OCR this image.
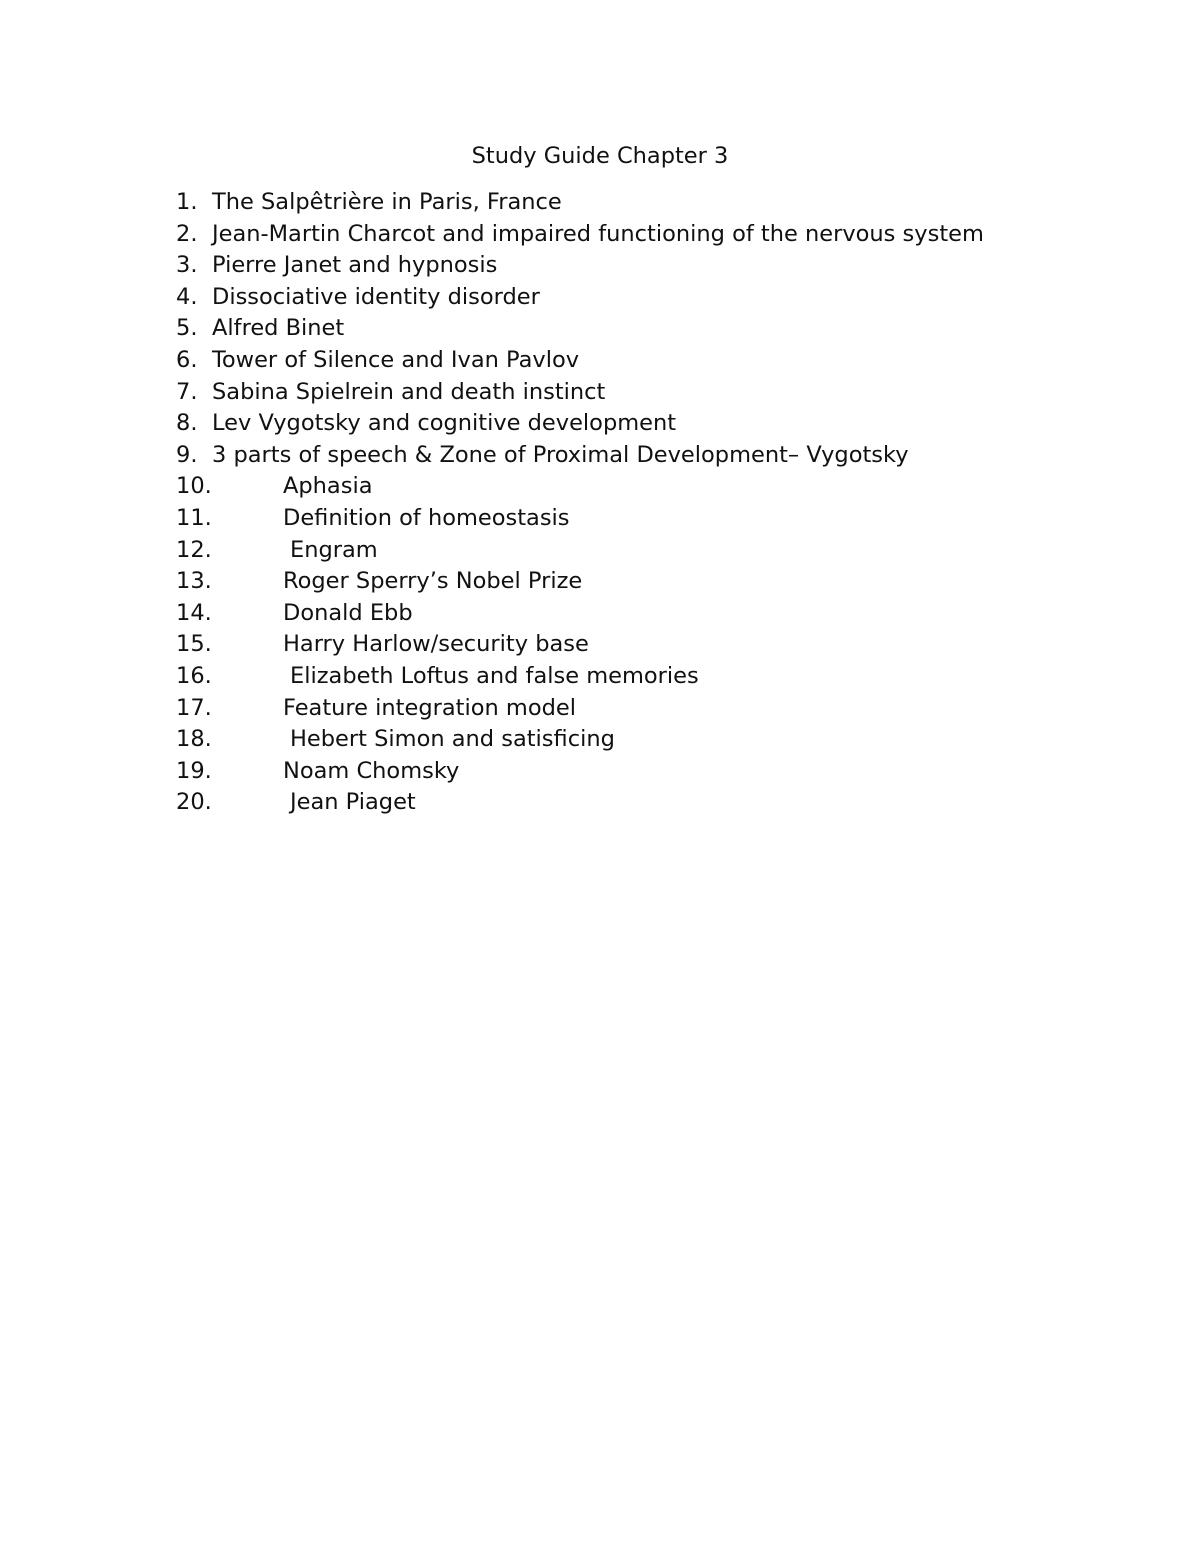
Study Guide Chapter 3
1. The Salpêtrière in Paris, France
2. Jean-Martin Charcot and impaired functioning of the nervous system
3. Pierre Janet and hypnosis
4. Dissociative identity disorder
5. Alfred Binet
6. Tower of Silence and Ivan Pavlov
7. Sabina Spielrein and death instinct
8. Lev Vygotsky and cognitive development
9. 3 parts of speech & Zone of Proximal Development– Vygotsky
10.	Aphasia
11.	Definition of homeostasis
12.	Engram
13.	Roger Sperry’s Nobel Prize
14.	Donald Ebb
15.	Harry Harlow/security base
16.	Elizabeth Loftus and false memories
17.	Feature integration model
18.	Hebert Simon and satisficing
19.	Noam Chomsky
20.	Jean Piaget
